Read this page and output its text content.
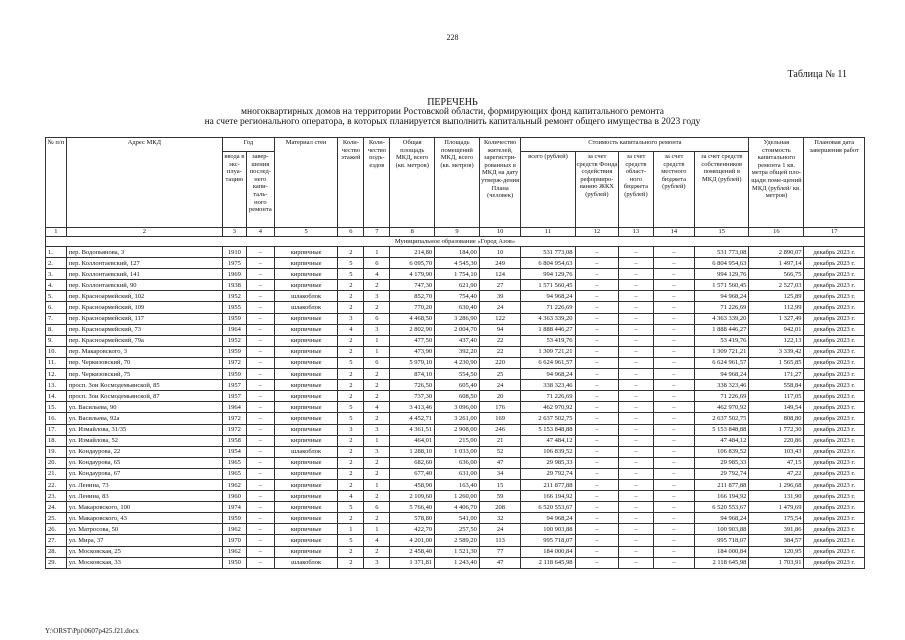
228
Таблица № 11
ПЕРЕЧЕНЬ
многоквартирных домов на территории Ростовской области, формирующих фонд капитального ремонта
на счете регионального оператора, в которых планируется выполнить капитальный ремонт общего имущества в 2023 году
№ п/п	Адрес МКД	Год		Материал стен	Коли-чество этажей	Коли-чество подъ-ездов	Общая площадь МКД, всего (кв. метров)	Площадь помещений МКД, всего (кв. метров)	Количество жителей, зарегистри-рованных в МКД на дату утверж-дения Плана (человек)	Стоимость капитального ремонта					Удельная стоимость капитального ремонта 1 кв. метра общей пло-щади поме-щений МКД (рублей/ кв. метров)	Плановая дата завершения работ
		ввода в экс-плуа-тацию	завер-шения послед-него капи-таль-ного ремонта							всего (рублей)	за счет средств Фонда содействия реформиро-ванию ЖКХ (рублей)	за счет средств област-ного бюджета (рублей)	за счет средств местного бюджета (рублей)	за счет средств собственников помещений в МКД (рублей)		
1	2	3	4	5	6	7	8	9	10	11	12	13	14	15	16	17
Муниципальное образование «Город Азов»																
1.	пер. Водопьянова, 3	1910	–	кирпичные	2	1	214,80	184,00	10	531 773,08	–	–	–	531 773,08	2 890,07	декабрь 2023 г.
2.	пер. Коллонтаевский, 127	1975	–	кирпичные	5	6	6 095,70	4 545,30	249	6 804 954,63	–	–	–	6 804 954,63	1 497,14	декабрь 2023 г.
3.	пер. Коллонтаевский, 141	1969	–	кирпичные	5	4	4 179,90	1 754,10	124	994 129,76	–	–	–	994 129,76	566,75	декабрь 2023 г.
4.	пер. Коллонтаевский, 90	1938	–	кирпичные	2	2	747,30	621,90	27	1 571 560,45	–	–	–	1 571 560,45	2 527,03	декабрь 2023 г.
5.	пер. Красноармейский, 102	1952	–	шлакоблок	2	3	852,70	754,40	39	94 968,24	–	–	–	94 968,24	125,89	декабрь 2023 г.
6.	пер. Красноармейский, 109	1955	–	шлакоблок	2	2	770,20	630,40	24	71 226,69	–	–	–	71 226,69	112,99	декабрь 2023 г.
7.	пер. Красноармейский, 117	1959	–	кирпичные	3	6	4 468,50	3 286,90	122	4 363 339,20	–	–	–	4 363 339,20	1 327,49	декабрь 2023 г.
8.	пер. Красноармейский, 73	1964	–	кирпичные	4	3	2 802,90	2 004,70	94	1 888 446,27	–	–	–	1 888 446,27	942,01	декабрь 2023 г.
9.	пер. Красноармейский, 79а	1952	–	кирпичные	2	1	477,50	437,40	22	53 419,76	–	–	–	53 419,76	122,13	декабрь 2023 г.
10.	пер. Макаровского, 3	1959	–	кирпичные	2	1	473,90	392,20	22	1 309 721,21	–	–	–	1 309 721,21	3 339,42	декабрь 2023 г.
11.	пер. Черкизовский, 70	1972	–	кирпичные	5	6	5 979,10	4 230,90	220	6 624 961,57	–	–	–	6 624 961,57	1 565,85	декабрь 2023 г.
12.	пер. Черкизовский, 75	1959	–	кирпичные	2	2	874,10	554,50	25	94 968,24	–	–	–	94 968,24	171,27	декабрь 2023 г.
13.	просп. Зои Космодемьянской, 85	1957	–	кирпичные	2	2	726,50	605,40	24	338 323,46	–	–	–	338 323,46	558,84	декабрь 2023 г.
14.	просп. Зои Космодемьянской, 87	1957	–	кирпичные	2	2	737,30	608,50	20	71 226,69	–	–	–	71 226,69	117,05	декабрь 2023 г.
15.	ул. Васильева, 90	1964	–	кирпичные	5	4	3 413,46	3 096,00	176	462 970,92	–	–	–	462 970,92	149,54	декабрь 2023 г.
16.	ул. Васильева, 92а	1972	–	кирпичные	5	2	4 452,71	3 261,00	169	2 637 502,75	–	–	–	2 637 502,75	808,80	декабрь 2023 г.
17.	ул. Измайлова, 31/35	1972	–	кирпичные	3	3	4 361,51	2 908,00	246	5 153 848,88	–	–	–	5 153 848,88	1 772,30	декабрь 2023 г.
18.	ул. Измайлова, 52	1958	–	кирпичные	2	1	464,01	215,00	21	47 484,12	–	–	–	47 484,12	220,86	декабрь 2023 г.
19.	ул. Кондаурова, 22	1954	–	шлакоблок	2	3	1 288,10	1 033,00	52	106 839,52	–	–	–	106 839,52	103,43	декабрь 2023 г.
20.	ул. Кондаурова, 65	1965	–	кирпичные	2	2	682,60	636,00	47	29 985,33	–	–	–	29 985,33	47,15	декабрь 2023 г.
21.	ул. Кондаурова, 67	1965	–	кирпичные	2	2	677,40	631,00	34	29 792,74	–	–	–	29 792,74	47,22	декабрь 2023 г.
22.	ул. Ленина, 73	1962	–	кирпичные	2	1	458,90	163,40	15	211 877,88	–	–	–	211 877,88	1 296,68	декабрь 2023 г.
23.	ул. Ленина, 83	1960	–	кирпичные	4	2	2 109,60	1 260,00	59	166 194,92	–	–	–	166 194,92	131,90	декабрь 2023 г.
24.	ул. Макаровского, 100	1974	–	кирпичные	5	6	5 766,40	4 406,70	208	6 520 553,67	–	–	–	6 520 553,67	1 479,69	декабрь 2023 г.
25.	ул. Макаровского, 43	1959	–	кирпичные	2	2	578,80	541,00	32	94 968,24	–	–	–	94 968,24	175,54	декабрь 2023 г.
26.	ул. Матросова, 50	1962	–	кирпичные	1	1	422,70	257,50	24	100 903,88	–	–	–	100 903,88	391,86	декабрь 2023 г.
27.	ул. Мира, 37	1970	–	кирпичные	5	4	4 201,00	2 589,20	113	995 718,07	–	–	–	995 718,07	384,57	декабрь 2023 г.
28.	ул. Московская, 25	1962	–	кирпичные	2	2	2 458,40	1 521,30	77	184 000,84	–	–	–	184 000,84	120,95	декабрь 2023 г.
29.	ул. Московская, 33	1950	–	шлакоблок	2	3	1 371,81	1 243,40	47	2 118 645,98	–	–	–	2 118 645,98	1 703,91	декабрь 2023 г.
Y:\ORST\Ppi\0607p425.f21.docx
